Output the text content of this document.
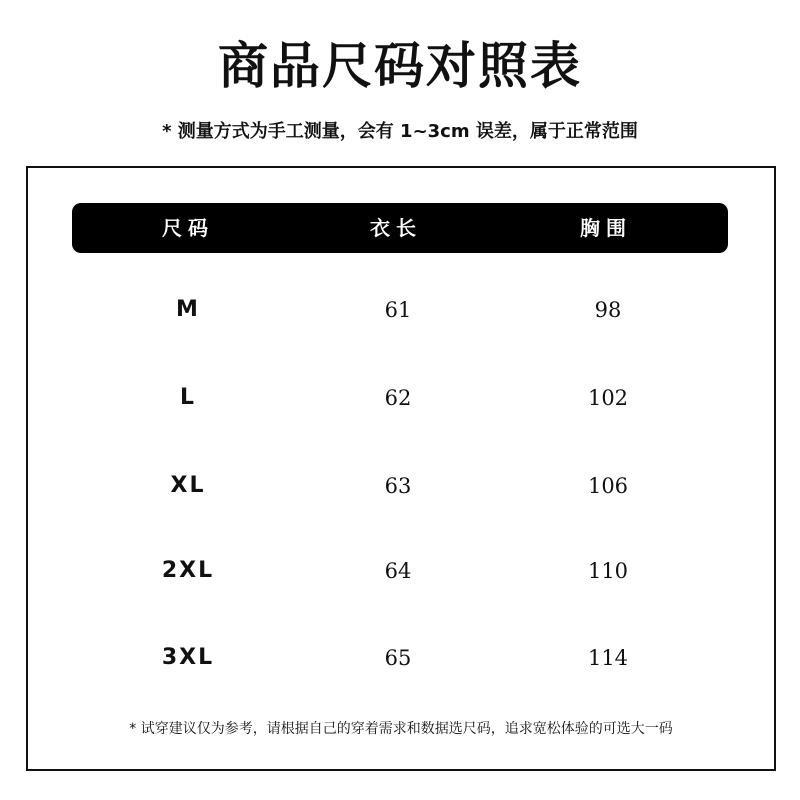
商品尺码对照表
* 测量方式为手工测量，会有 1~3cm 误差，属于正常范围
尺码	衣长	胸围
M	61	98
L	62	102
XL	63	106
2XL	64	110
3XL	65	114
* 试穿建议仅为参考，请根据自己的穿着需求和数据选尺码，追求宽松体验的可选大一码
